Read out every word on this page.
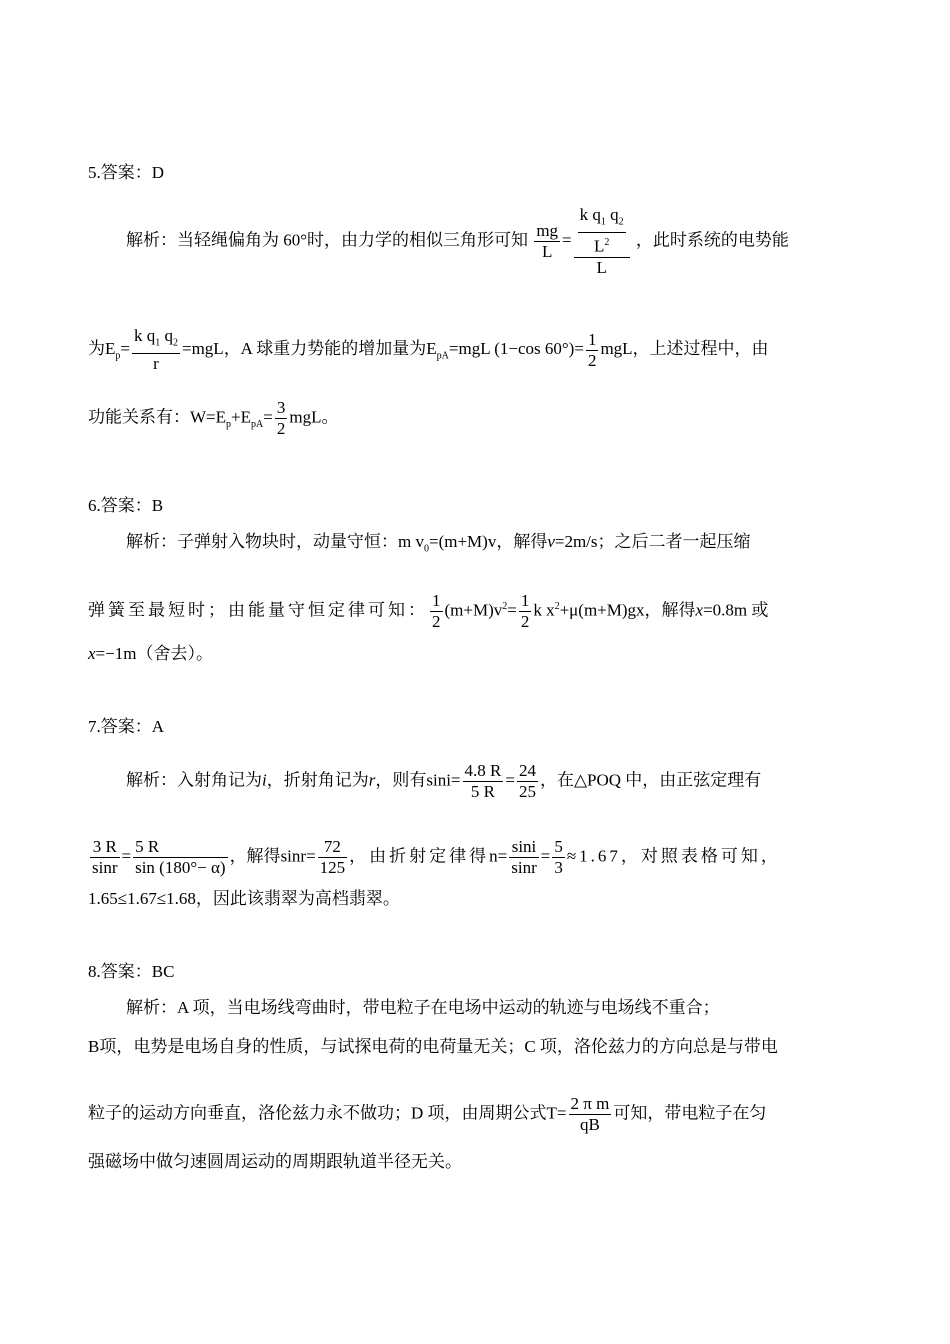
5.答案：D
解析：当轻绳偏角为 60°时，由力学的相似三角形可知 $\frac{mg}{L} = \frac{\frac{k q_1 q_2}{L^2}}{L}$ ，此时系统的电势能
为$E_p= \frac{k q_1 q_2}{r} =mgL$，A 球重力势能的增加量为$E_{pA}=mgL$ (1−cos $60^\circ)= \frac{1}{2}$ mgL，上述过程中，由
功能关系有：$W=E_p+E_{pA}= \frac{3}{2}$ mgL。
6.答案：B
解析：子弹射入物块时，动量守恒：m $v_0=(m+M)v$，解得v=2m/s；之后二者一起压缩
弹簧至最短时；由能量守恒定律可知： $\frac{1}{2} (m+M)v^2= \frac{1}{2}$ k $x^2+\mu(m+M)gx$，解得x=0.8m 或
x=−1m（舍去）。
7.答案：A
解析：入射角记为i，折射角记为r，则有$\sin i= \frac{4.8 R}{5 R} = \frac{24}{25}$ ，在△POQ 中，由正弦定理有
$\frac{3 R}{\sin r} = \frac{5 R}{\sin (180^\circ- \alpha)}$ ，解得$\sin r= \frac{72}{125}$ ，由折射定律得$n= \frac{\sin i}{\sin r} = \frac{5}{3} \approx 1.67$，对照表格可知，
1.65≤1.67≤1.68，因此该翡翠为高档翡翠。
8.答案：BC
解析：A 项，当电场线弯曲时，带电粒子在电场中运动的轨迹与电场线不重合；
B项，电势是电场自身的性质，与试探电荷的电荷量无关；C 项，洛伦兹力的方向总是与带电
粒子的运动方向垂直，洛伦兹力永不做功；D 项，由周期公式$T= \frac{\text{2 π m}}{qB}$ 可知，带电粒子在匀
强磁场中做匀速圆周运动的周期跟轨道半径无关。
